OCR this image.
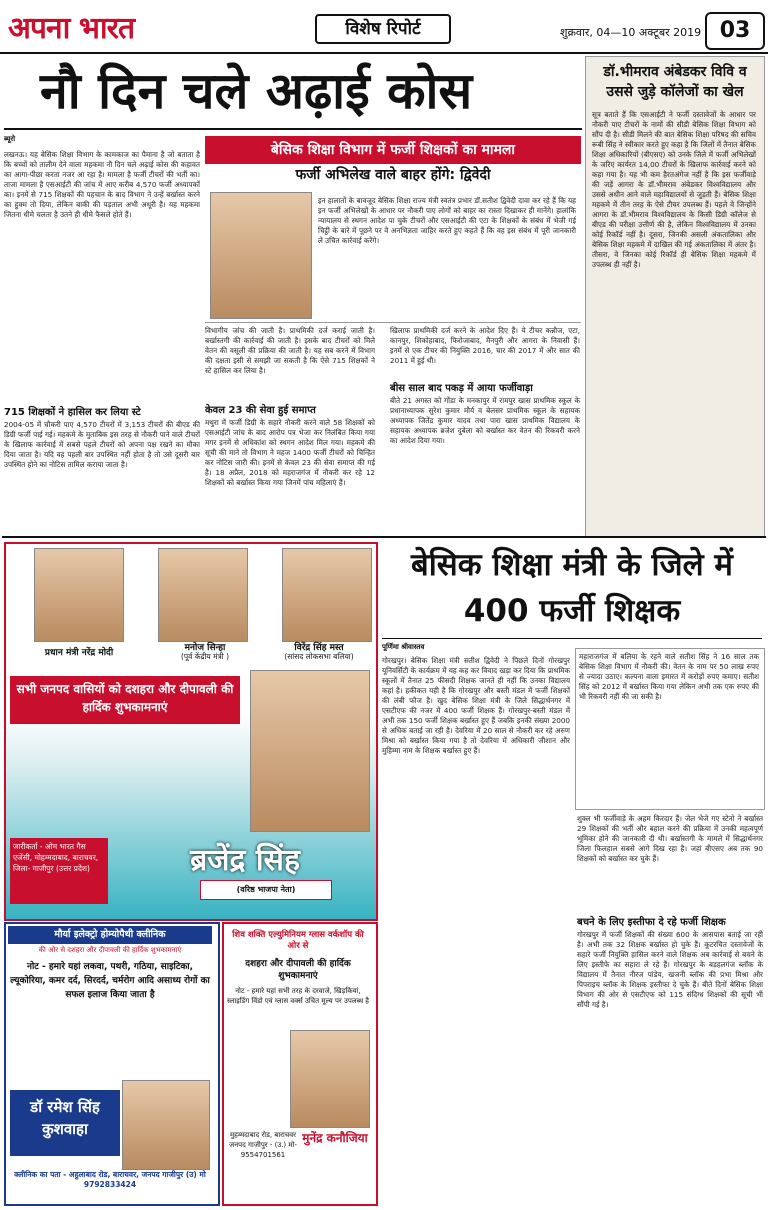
अपना भारत	विशेष रिपोर्ट	शुक्रवार, 04—10 अक्टूबर 2019 03
नौ दिन चले अढ़ाई कोस	डॉ.भीमराव अंबेडकर विवि व उससे जुड़े कॉलेजों का खेल
सूत्र बताते हैं कि एसआईटी ने फर्जी दस्तावेजों के आधार पर नौकरी पाए टीचरों के नामों की सीडी बेसिक शिक्षा विभाग को सौंप दी है। सीडी मिलने की बात बेसिक शिक्षा परिषद की सचिव रूबी सिंह ने स्वीकार करते हुए कहा है कि जिलों में तैनात बेसिक शिक्षा अधिकारियों (बीएसए) को उनके जिले में फर्जी अभिलेखों के जरिए कार्यरत 14,00 टीचरों के खिलाफ कार्रवाई करने को कहा गया है। यह भी कम हैरतअंगेज नहीं है कि इस फर्जीवाड़े की जड़ें आगरा के डॉ.भीमराव अंबेडकर विश्वविद्यालय और उससे अधीन आने वाले महाविद्यालयों से जुड़ती हैं। बेसिक शिक्षा महकमे में तीन तरह के ऐसे टीचर उपलब्ध हैं। पहले वे जिन्होंने आगरा के डॉ.भीमराव विश्वविद्यालय के किसी डिग्री कॉलेज से बीएड की परीक्षा उत्तीर्ण की है, लेकिन विश्वविद्यालय में उनका कोई रिकॉर्ड नहीं है। दूसरा, जिनकी असली अंकतालिका और बेसिक शिक्षा महकमे में दाखिल की गई अंकतालिका में अंतर है। तीसरा, वे जिनका कोई रिकॉर्ड ही बेसिक शिक्षा महकमे में उपलब्ध ही नहीं है।
ब्यूरो
लखनऊ। यह बेसिक शिक्षा विभाग के कामकाज का पैमाना है जो बताता है कि बच्चों को तालीम देने वाला महकमा नौ दिन चले अढ़ाई कोस की कहावत का आगा-पीछा करता नजर आ रहा है। मामला है फर्जी टीचरों की भर्ती का। ताजा मामला है एसआईटी की जांच में आए करीब 4,570 फर्जी अध्यापकों का। इनमें से 715 शिक्षकों की पहचान के बाद विभाग ने उन्हें बर्खास्त करने का हुक्म तो दिया, लेकिन बाकी की पड़ताल अभी अधूरी है। यह महकमा जितना धीमे चलता है उतने ही धीमे फैसले होते हैं।
715 शिक्षकों ने हासिल कर लिया स्टे
2004-05 में चौकरी पाए 4,570 टीचरों में 3,153 टीचरों की बीएड की डिग्री फर्जी पाई गई। महकमे के मुताबिक इस तरह से नौकरी पाने वाले टीचरों के खिलाफ कार्रवाई में सबसे पहले टीचरों को अपना पक्ष रखने का मौका दिया जाता है। यदि वह पहली बार उपस्थित नहीं होता है तो उसे दूसरी बार उपस्थित होने का नोटिस तामिल कराया जाता है।
बेसिक शिक्षा विभाग में फर्जी शिक्षकों का मामला
फर्जी अभिलेख वाले बाहर होंगे: द्विवेदी
इन हालातों के बावजूद बेसिक शिक्षा राज्य मंत्री स्वतंत्र प्रभार डॉ.सतीश द्विवेदी दावा कर रहे हैं कि यह इन फर्जी अभिलेखों के आधार पर नौकरी पाए लोगों को बाहर का रास्ता दिखाकर ही मानेंगे। हालांकि न्यायालय से स्थगन आदेश पा चुके टीचरों और एसआईटी की एटा के शिक्षकों के संबंध में भेजी गई चिट्ठी के बारे में पूछने पर वे अनभिज्ञता जाहिर करते हुए कहते हैं कि वह इस संबंध में पूरी जानकारी ले उचित कार्रवाई करेंगे।
विभागीय जांच की जाती है। प्राथमिकी दर्ज कराई जाती है। बर्खास्तगी की कार्रवाई की जाती है। इसके बाद टीचरों को मिले वेतन की वसूली की प्रक्रिया की जाती है। यह सब करने में विभाग की दक्षता इसी से समझी जा सकती है कि ऐसे 715 शिक्षकों ने स्टे हासिल कर लिया है।
केवल 23 की सेवा हुई समाप्त
मथुरा में फर्जी डिग्री के सहारे नौकरी करने वाले 58 शिक्षकों को एसआईटी जांच के बाद आरोप पत्र भेजा कर निलंबित किया गया मगर इनमें से अधिकांश को स्थगन आदेश मिल गया। महकमे की सूची की माने तो विभाग ने महज 1400 फर्जी टीचरों को चिन्हित कर नोटिस जारी की। इनमें से केवल 23 की सेवा समाप्त की गई है। 18 अप्रैल, 2018 को महराजगंज में नौकरी कर रहे 12 शिक्षकों को बर्खास्त किया गया जिनमें पांच महिलाएं हैं।
खिलाफ प्राथमिकी दर्ज करने के आदेश दिए हैं। ये टीचर कन्नौज, एटा, कानपुर, शिकोहाबाद, फिरोजाबाद, मैनपुरी और आगरा के निवासी हैं। इनमें से एक टीचर की नियुक्ति 2016, चार की 2017 में और सात की 2011 में हुई थी।
बीस साल बाद पकड़ में आया फर्जीवाड़ा
बीते 21 अगस्त को गोंडा के मनकापुर में रामपुर खास प्राथमिक स्कूल के प्रधानाध्यापक सुरेश कुमार मौर्य व बेलसर प्राथमिक स्कूल के सहायक अध्यापक जितेंद्र कुमार यादव तथा पारा खास प्राथमिक विद्यालय के सहायक अध्यापक ब्रजेश दुबेला को बर्खास्त कर वेतन की रिकवरी करने का आदेश दिया गया।
प्रधान मंत्री नरेंद्र मोदी	मनोज सिन्हा
(पूर्व केंद्रीय मंत्री )
विरेंद्र सिंह मस्त
(सांसद लोकसभा बलिया)
सभी जनपद वासियों को दशहरा और दीपावली की हार्दिक शुभकामनाएं
जारीकर्ता - ओम भारत गैस एजेंसी, मोहम्मदाबाद, बाराचवर, जिला- गाजीपुर (उत्तर प्रदेश)	ब्रजेंद्र सिंह
(वरिष्ठ भाजपा नेता)
मौर्या इलेक्ट्रो होम्योपैथी क्लीनिक
की ओर से दशहरा और दीपावली की हार्दिक शुभकामनाएं
नोट - हमारे यहां लकवा, पथरी, गठिया, साइटिका, ल्यूकोरिया, कमर दर्द, सिरदर्द, चर्मरोग आदि असाध्य रोगों का सफल इलाज किया जाता है
डॉ रमेश सिंह कुशवाहा
क्लीनिक का पता - अहुलाबाद रोड, बाराचवर, जनपद गाजीपुर (उ) मो 9792833424
शिव शक्ति एल्युमिनियम ग्लास वर्कशॉप की ओर से
दशहरा और दीपावली की हार्दिक शुभकामनाएं
नोट - हमारे यहां सभी तरह के दरवाजे, खिड़कियां, स्लाइडिंग विंडो एवं ग्लास वर्क्स उचित मूल्य पर उपलब्ध है
मुहम्मदाबाद रोड, बाराचवर जनपद गाजीपुर - (उ.) मो- 9554701561
मुनेंद्र कनौजिया
बेसिक शिक्षा मंत्री के जिले में 400 फर्जी शिक्षक
पूर्णिमा श्रीवास्तव
गोरखपुर। बेसिक शिक्षा मंत्री सतीश द्विवेदी ने पिछले दिनों गोरखपुर यूनिवर्सिटी के कार्यक्रम में यह कह कर विवाद खड़ा कर दिया कि प्राथमिक स्कूलों में तैनात 25 फीसदी शिक्षक जानते ही नहीं कि उनका विद्यालय कहां है। हकीकत यही है कि गोरखपुर और बस्ती मंडल में फर्जी शिक्षकों की लंबी फौज है। खुद बेसिक शिक्षा मंत्री के जिले सिद्धार्थनगर में एसटीएफ की नजर में 400 फर्जी शिक्षक हैं। गोरखपुर-बस्ती मंडल में अभी तक 150 फर्जी शिक्षक बर्खास्त हुए हैं जबकि इनकी संख्या 2000 से अधिक बताई जा रही है। देवरिया में 20 साल से नौकरी कर रहे अरुण मिश्रा को बर्खास्त किया गया है तो देवरिया में अधिकारी जीशान और मुहिम्मा नाम के शिक्षक बर्खास्त हुए हैं।
महाराजगंज में बलिया के रहने वाले सतीश सिंह ने 16 साल तक बेसिक शिक्षा विभाग में नौकरी की। वेतन के नाम पर 50 लाख रुपए से ज्यादा उठाए। कल्पना वाला इमारत में करोड़ों रुपए कमाए। सतीश सिंह को 2012 में बर्खास्त किया गया लेकिन अभी तक एक रुपए की भी रिकवरी नहीं की जा सकी है।
शुक्ल भी फर्जीवाड़े के अहम किरदार हैं। जेल भेजे गए स्टेनो ने बर्खास्त 29 शिक्षकों की भर्ती और बहाल करने की प्रक्रिया में उनकी महत्वपूर्ण भूमिका होने की जानकारी दी थी। बर्खास्तगी के मामले में सिद्धार्थनगर जिला फिलहाल सबसे आगे दिख रहा है। जहां बीएसए अब तक 90 शिक्षकों को बर्खास्त कर चुके हैं।
बचने के लिए इस्तीफा दे रहे फर्जी शिक्षक
गोरखपुर में फर्जी शिक्षकों की संख्या 600 के आसपास बताई जा रही है। अभी तक 32 शिक्षक बर्खास्त हो चुके हैं। कूटरचित दस्तावेजों के सहारे फर्जी नियुक्ति हासिल करने वाले शिक्षक अब कार्रवाई से बचने के लिए इस्तीफे का सहारा ले रहे हैं। गोरखपुर के बड़हलगंज ब्लॉक के विद्यालय में तैनात नीरज पांडेय, खजनी ब्लॉक की प्रभा मिश्रा और पिपराइच ब्लॉक के शिक्षक इस्तीफा दे चुके हैं। बीते दिनों बेसिक शिक्षा विभाग की ओर से एसटीएफ को 115 संदिग्ध शिक्षकों की सूची भी सौंपी गई है।
